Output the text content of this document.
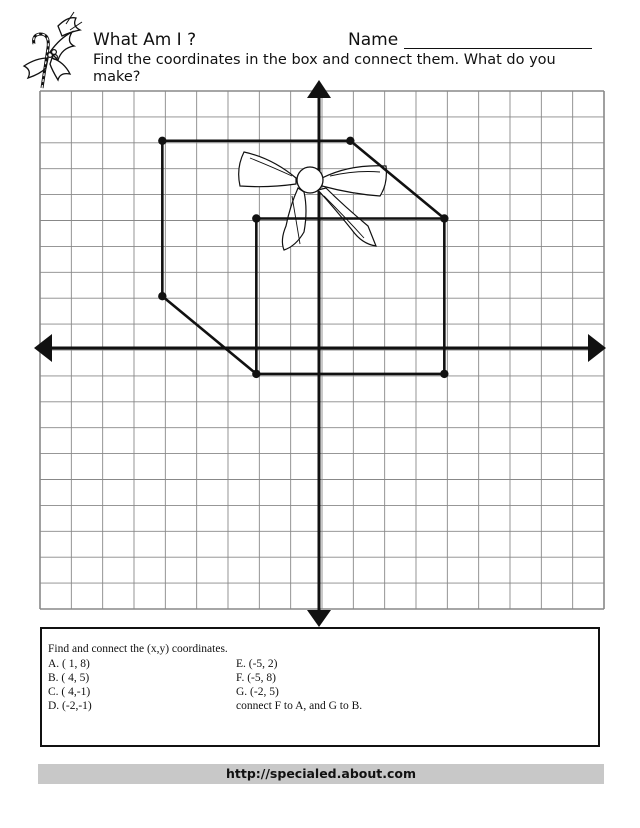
What Am I ?	Name
Find the coordinates in the box and connect them. What do you make?
Find and connect the (x,y) coordinates.
A. ( 1, 8)
B. ( 4, 5)
C. ( 4,-1)
D. (-2,-1)
E. (-5, 2)
F. (-5, 8)
G. (-2, 5)
connect F to A, and G to B.
http://specialed.about.com
